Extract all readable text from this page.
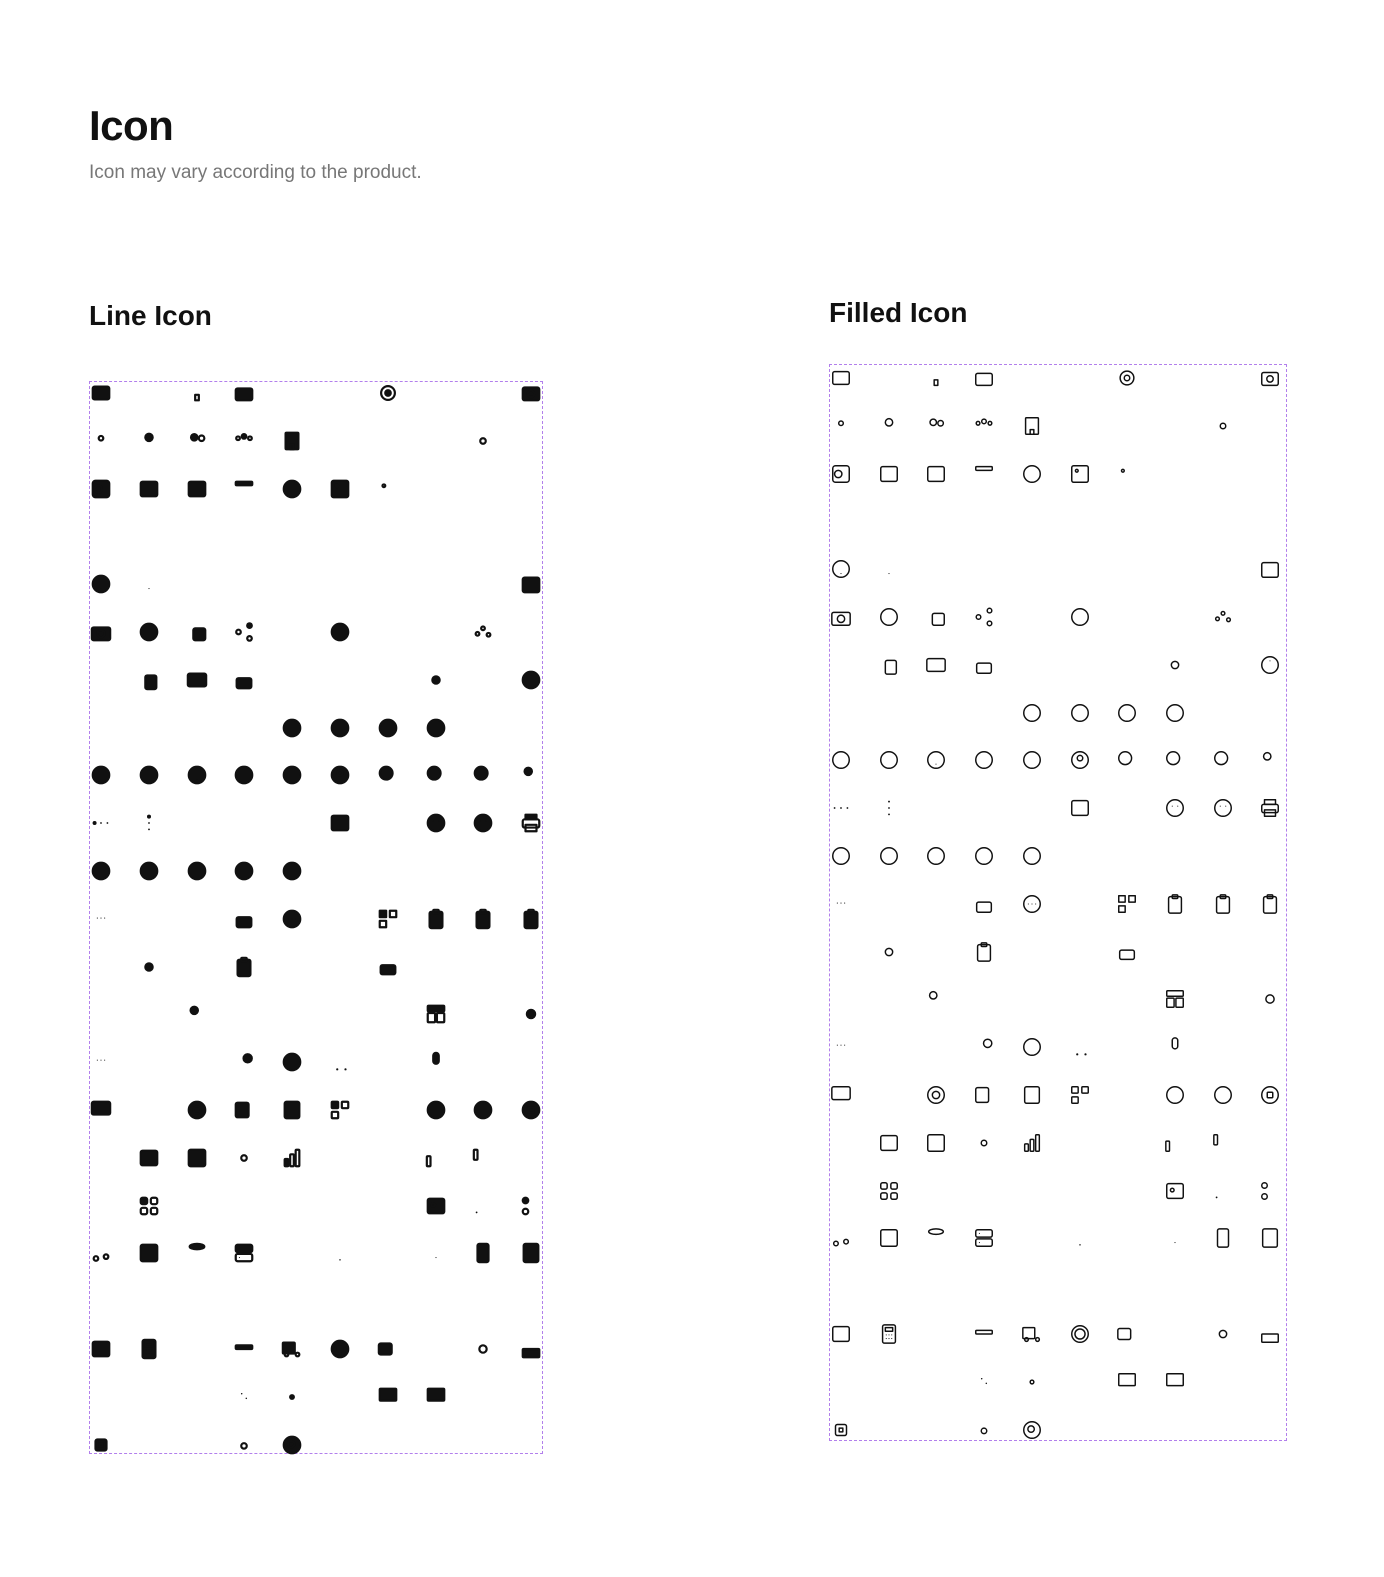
Icon

Icon may vary according to the product.

Line Icon	Filled Icon
